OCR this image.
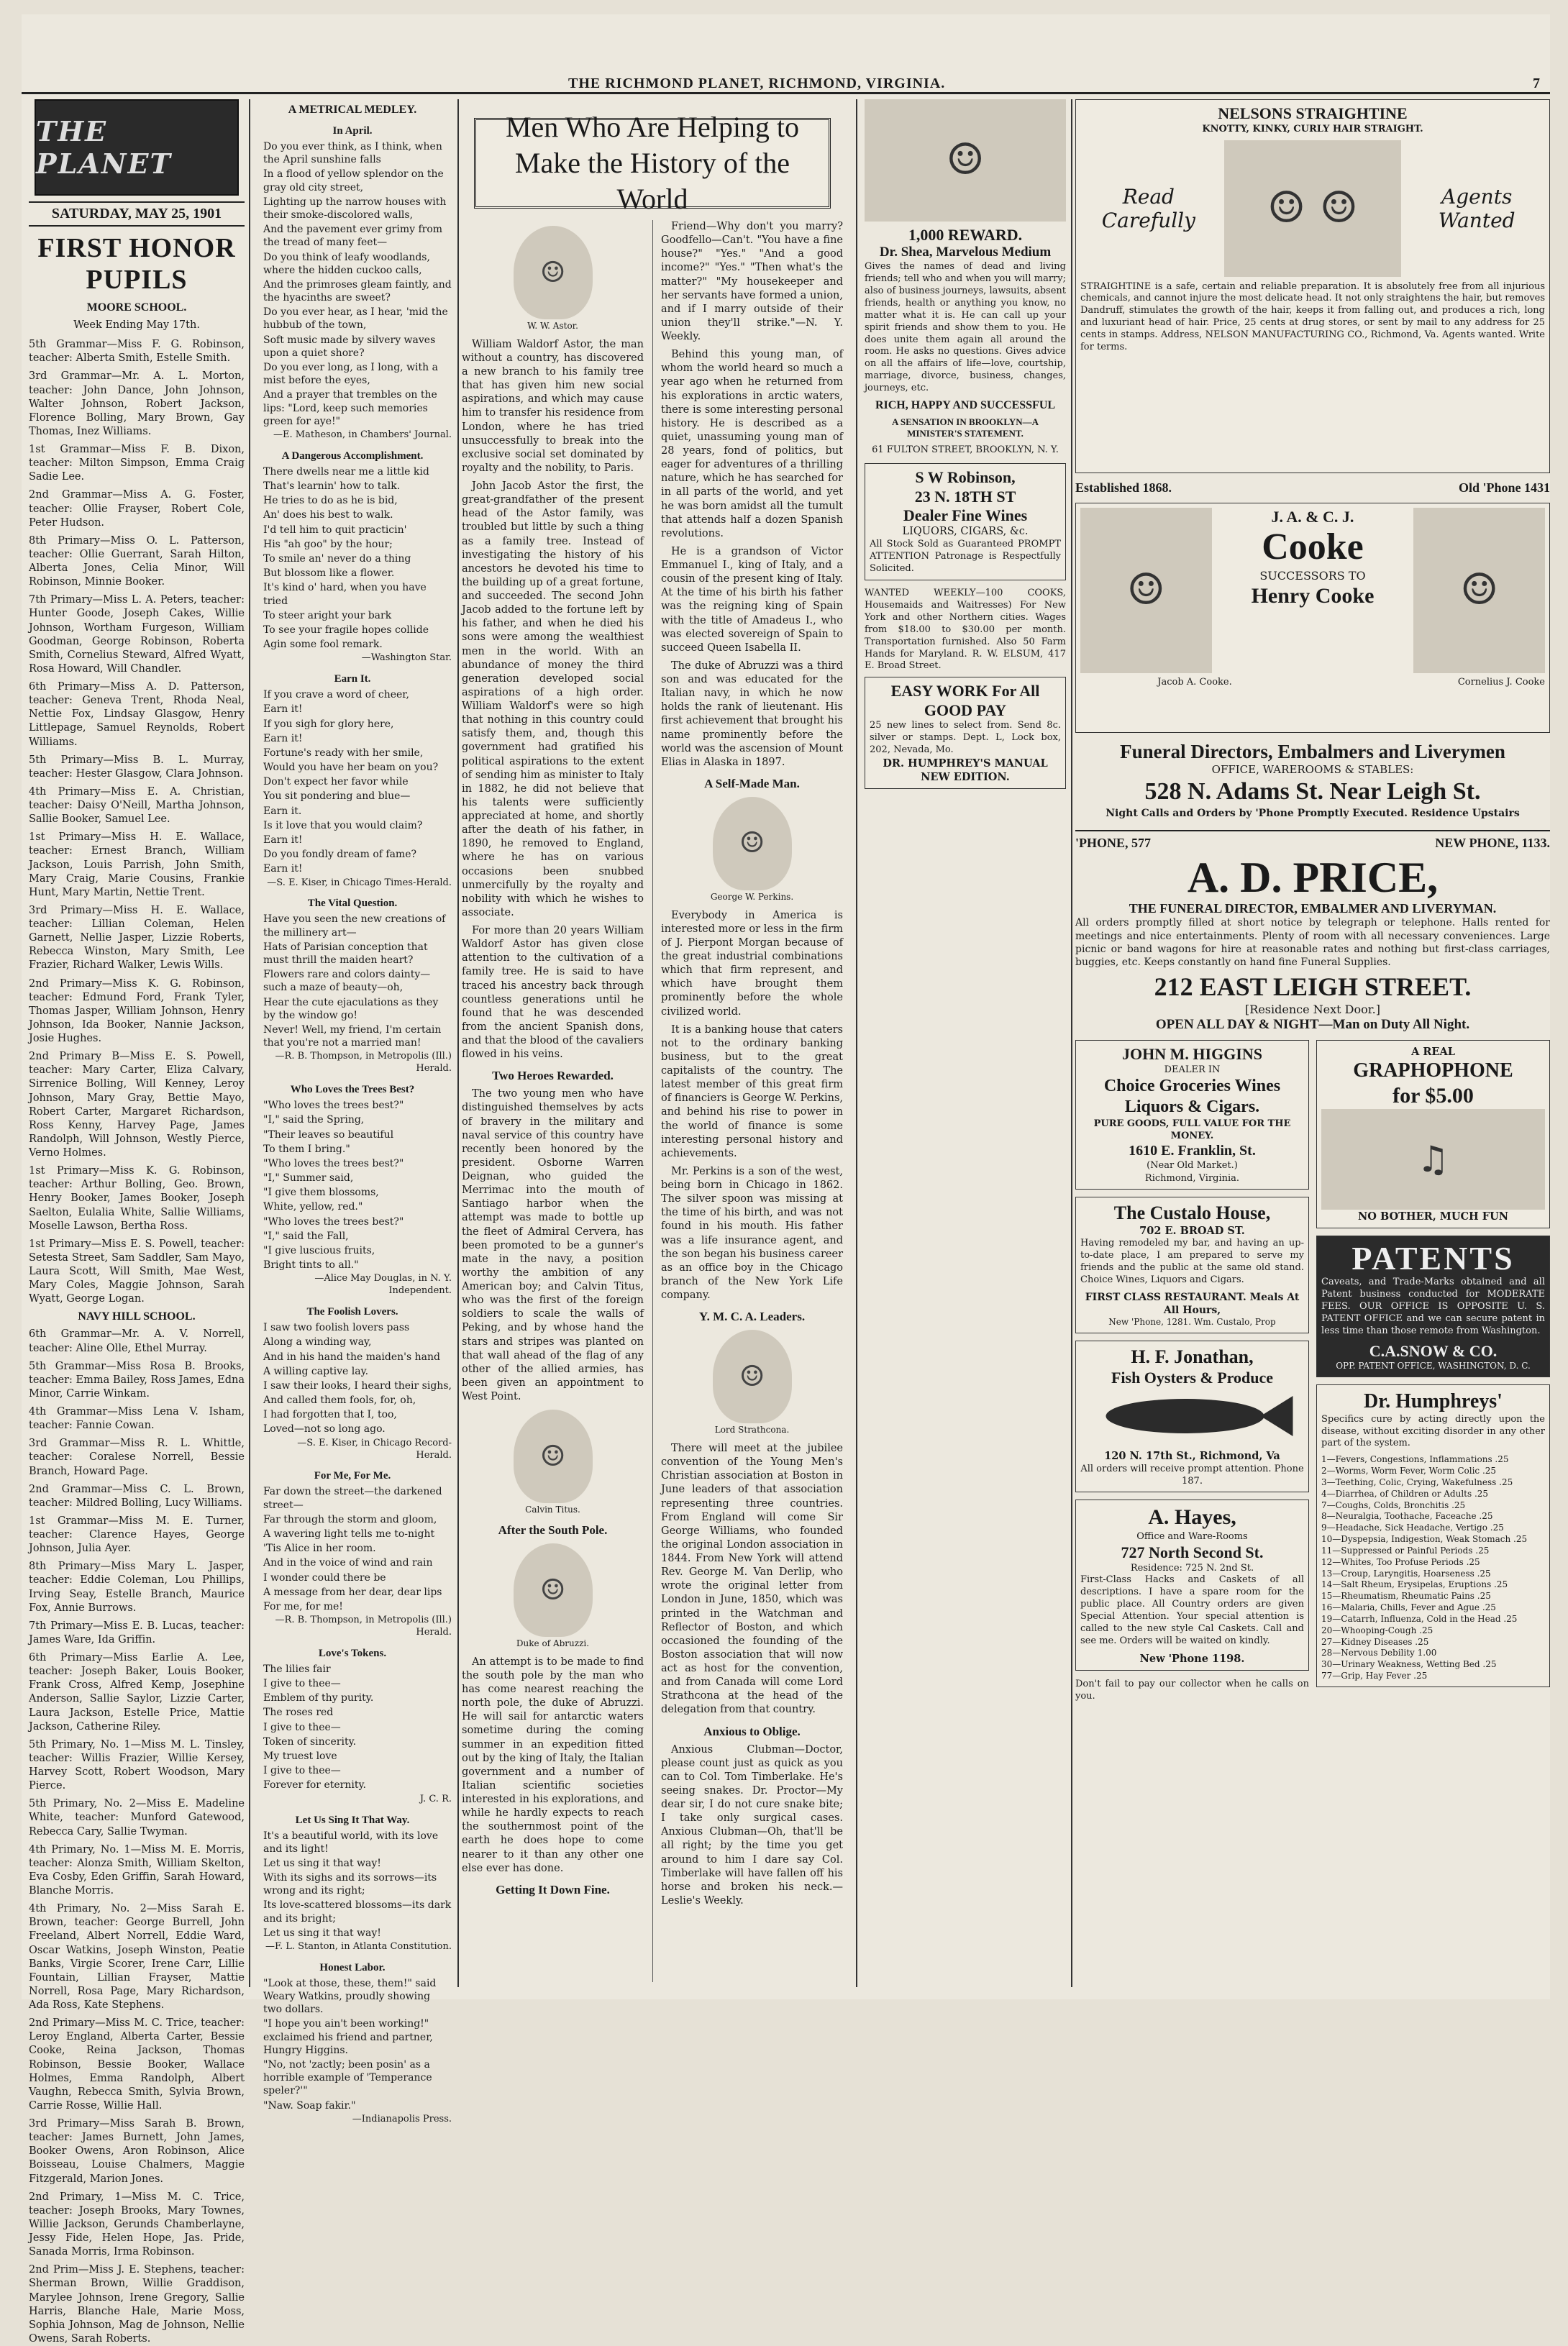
THE RICHMOND PLANET, RICHMOND, VIRGINIA.	7
THE PLANET
SATURDAY, MAY 25, 1901
FIRST HONOR PUPILS
MOORE SCHOOL.
Week Ending May 17th.

5th Grammar—Miss F. G. Robinson, teacher: Alberta Smith, Estelle Smith.

3rd Grammar—Mr. A. L. Morton, teacher: John Dance, John Johnson, Walter Johnson, Robert Jackson, Florence Bolling, Mary Brown, Gay Thomas, Inez Williams.

1st Grammar—Miss F. B. Dixon, teacher: Milton Simpson, Emma Craig Sadie Lee.

2nd Grammar—Miss A. G. Foster, teacher: Ollie Frayser, Robert Cole, Peter Hudson.

8th Primary—Miss O. L. Patterson, teacher: Ollie Guerrant, Sarah Hilton, Alberta Jones, Celia Minor, Will Robinson, Minnie Booker.

7th Primary—Miss L. A. Peters, teacher: Hunter Goode, Joseph Cakes, Willie Johnson, Wortham Furgeson, William Goodman, George Robinson, Roberta Smith, Cornelius Steward, Alfred Wyatt, Rosa Howard, Will Chandler.

6th Primary—Miss A. D. Patterson, teacher: Geneva Trent, Rhoda Neal, Nettie Fox, Lindsay Glasgow, Henry Littlepage, Samuel Reynolds, Robert Williams.

5th Primary—Miss B. L. Murray, teacher: Hester Glasgow, Clara Johnson.

4th Primary—Miss E. A. Christian, teacher: Daisy O'Neill, Martha Johnson, Sallie Booker, Samuel Lee.

1st Primary—Miss H. E. Wallace, teacher: Ernest Branch, William Jackson, Louis Parrish, John Smith, Mary Craig, Marie Cousins, Frankie Hunt, Mary Martin, Nettie Trent.

3rd Primary—Miss H. E. Wallace, teacher: Lillian Coleman, Helen Garnett, Nellie Jasper, Lizzie Roberts, Rebecca Winston, Mary Smith, Lee Frazier, Richard Walker, Lewis Wills.

2nd Primary—Miss K. G. Robinson, teacher: Edmund Ford, Frank Tyler, Thomas Jasper, William Johnson, Henry Johnson, Ida Booker, Nannie Jackson, Josie Hughes.

2nd Primary B—Miss E. S. Powell, teacher: Mary Carter, Eliza Calvary, Sirrenice Bolling, Will Kenney, Leroy Johnson, Mary Gray, Bettie Mayo, Robert Carter, Margaret Richardson, Ross Kenny, Harvey Page, James Randolph, Will Johnson, Westly Pierce, Verno Holmes.

1st Primary—Miss K. G. Robinson, teacher: Arthur Bolling, Geo. Brown, Henry Booker, James Booker, Joseph Saelton, Eulalia White, Sallie Williams, Moselle Lawson, Bertha Ross.

1st Primary—Miss E. S. Powell, teacher: Setesta Street, Sam Saddler, Sam Mayo, Laura Scott, Will Smith, Mae West, Mary Coles, Maggie Johnson, Sarah Wyatt, George Logan.

NAVY HILL SCHOOL.

6th Grammar—Mr. A. V. Norrell, teacher: Aline Olle, Ethel Murray.

5th Grammar—Miss Rosa B. Brooks, teacher: Emma Bailey, Ross James, Edna Minor, Carrie Winkam.

4th Grammar—Miss Lena V. Isham, teacher: Fannie Cowan.

3rd Grammar—Miss R. L. Whittle, teacher: Coralese Norrell, Bessie Branch, Howard Page.

2nd Grammar—Miss C. L. Brown, teacher: Mildred Bolling, Lucy Williams.

1st Grammar—Miss M. E. Turner, teacher: Clarence Hayes, George Johnson, Julia Ayer.

8th Primary—Miss Mary L. Jasper, teacher: Eddie Coleman, Lou Phillips, Irving Seay, Estelle Branch, Maurice Fox, Annie Burrows.

7th Primary—Miss E. B. Lucas, teacher: James Ware, Ida Griffin.

6th Primary—Miss Earlie A. Lee, teacher: Joseph Baker, Louis Booker, Frank Cross, Alfred Kemp, Josephine Anderson, Sallie Saylor, Lizzie Carter, Laura Jackson, Estelle Price, Mattie Jackson, Catherine Riley.

5th Primary, No. 1—Miss M. L. Tinsley, teacher: Willis Frazier, Willie Kersey, Harvey Scott, Robert Woodson, Mary Pierce.

5th Primary, No. 2—Miss E. Madeline White, teacher: Munford Gatewood, Rebecca Cary, Sallie Twyman.

4th Primary, No. 1—Miss M. E. Morris, teacher: Alonza Smith, William Skelton, Eva Cosby, Eden Griffin, Sarah Howard, Blanche Morris.

4th Primary, No. 2—Miss Sarah E. Brown, teacher: George Burrell, John Freeland, Albert Norrell, Eddie Ward, Oscar Watkins, Joseph Winston, Peatie Banks, Virgie Scorer, Irene Carr, Lillie Fountain, Lillian Frayser, Mattie Norrell, Rosa Page, Mary Richardson, Ada Ross, Kate Stephens.

2nd Primary—Miss M. C. Trice, teacher: Leroy England, Alberta Carter, Bessie Cooke, Reina Jackson, Thomas Robinson, Bessie Booker, Wallace Holmes, Emma Randolph, Albert Vaughn, Rebecca Smith, Sylvia Brown, Carrie Rosse, Willie Hall.

3rd Primary—Miss Sarah B. Brown, teacher: James Burnett, John James, Booker Owens, Aron Robinson, Alice Boisseau, Louise Chalmers, Maggie Fitzgerald, Marion Jones.

2nd Primary, 1—Miss M. C. Trice, teacher: Joseph Brooks, Mary Townes, Willie Jackson, Gerunds Chamberlayne, Jessy Fide, Helen Hope, Jas. Pride, Sanada Morris, Irma Robinson.

2nd Prim—Miss J. E. Stephens, teacher: Sherman Brown, Willie Graddison, Marylee Johnson, Irene Gregory, Sallie Harris, Blanche Hale, Marie Moss, Sophia Johnson, Mag de Johnson, Nellie Owens, Sarah Roberts.

A METRICAL MEDLEY.
In April.

Do you ever think, as I think, when the April sunshine falls

In a flood of yellow splendor on the gray old city street,

Lighting up the narrow houses with their smoke-discolored walls,

And the pavement ever grimy from the tread of many feet—

Do you think of leafy woodlands, where the hidden cuckoo calls,

And the primroses gleam faintly, and the hyacinths are sweet?

Do you ever hear, as I hear, 'mid the hubbub of the town,

Soft music made by silvery waves upon a quiet shore?

Do you ever long, as I long, with a mist before the eyes,

And a prayer that trembles on the lips: "Lord, keep such memories green for aye!"

—E. Matheson, in Chambers' Journal.

A Dangerous Accomplishment.

There dwells near me a little kid

That's learnin' how to talk.

He tries to do as he is bid,

An' does his best to walk.

I'd tell him to quit practicin'

His "ah goo" by the hour;

To smile an' never do a thing

But blossom like a flower.

It's kind o' hard, when you have tried

To steer aright your bark

To see your fragile hopes collide

Agin some fool remark.

—Washington Star.

Earn It.

If you crave a word of cheer,

Earn it!

If you sigh for glory here,

Earn it!

Fortune's ready with her smile,

Would you have her beam on you?

Don't expect her favor while

You sit pondering and blue—

Earn it.

Is it love that you would claim?

Earn it!

Do you fondly dream of fame?

Earn it!

—S. E. Kiser, in Chicago Times-Herald.

The Vital Question.

Have you seen the new creations of the millinery art—

Hats of Parisian conception that must thrill the maiden heart?

Flowers rare and colors dainty—such a maze of beauty—oh,

Hear the cute ejaculations as they by the window go!

Never! Well, my friend, I'm certain that you're not a married man!

—R. B. Thompson, in Metropolis (Ill.) Herald.

Who Loves the Trees Best?

"Who loves the trees best?"

"I," said the Spring,

"Their leaves so beautiful

To them I bring."

"Who loves the trees best?"

"I," Summer said,

"I give them blossoms,

White, yellow, red."

"Who loves the trees best?"

"I," said the Fall,

"I give luscious fruits,

Bright tints to all."

—Alice May Douglas, in N. Y. Independent.

The Foolish Lovers.

I saw two foolish lovers pass

Along a winding way,

And in his hand the maiden's hand

A willing captive lay.

I saw their looks, I heard their sighs,

And called them fools, for, oh,

I had forgotten that I, too,

Loved—not so long ago.

—S. E. Kiser, in Chicago Record-Herald.

For Me, For Me.

Far down the street—the darkened street—

Far through the storm and gloom,

A wavering light tells me to-night

'Tis Alice in her room.

And in the voice of wind and rain

I wonder could there be

A message from her dear, dear lips

For me, for me!

—R. B. Thompson, in Metropolis (Ill.) Herald.

Love's Tokens.

The lilies fair

I give to thee—

Emblem of thy purity.

The roses red

I give to thee—

Token of sincerity.

My truest love

I give to thee—

Forever for eternity.

J. C. R.

Let Us Sing It That Way.

It's a beautiful world, with its love and its light!

Let us sing it that way!

With its sighs and its sorrows—its wrong and its right;

Its love-scattered blossoms—its dark and its bright;

Let us sing it that way!

—F. L. Stanton, in Atlanta Constitution.

Honest Labor.

"Look at those, these, them!" said Weary Watkins, proudly showing two dollars.

"I hope you ain't been working!" exclaimed his friend and partner, Hungry Higgins.

"No, not 'zactly; been posin' as a horrible example of 'Temperance speler?'"

"Naw. Soap fakir."

—Indianapolis Press.

Men Who Are Helping to Make the History of the World
☺
W. W. Astor.

William Waldorf Astor, the man without a country, has discovered a new branch to his family tree that has given him new social aspirations, and which may cause him to transfer his residence from London, where he has tried unsuccessfully to break into the exclusive social set dominated by royalty and the nobility, to Paris.

John Jacob Astor the first, the great-grandfather of the present head of the Astor family, was troubled but little by such a thing as a family tree. Instead of investigating the history of his ancestors he devoted his time to the building up of a great fortune, and succeeded. The second John Jacob added to the fortune left by his father, and when he died his sons were among the wealthiest men in the world. With an abundance of money the third generation developed social aspirations of a high order. William Waldorf's were so high that nothing in this country could satisfy them, and, though this government had gratified his political aspirations to the extent of sending him as minister to Italy in 1882, he did not believe that his talents were sufficiently appreciated at home, and shortly after the death of his father, in 1890, he removed to England, where he has on various occasions been snubbed unmercifully by the royalty and nobility with which he wishes to associate.

For more than 20 years William Waldorf Astor has given close attention to the cultivation of a family tree. He is said to have traced his ancestry back through countless generations until he found that he was descended from the ancient Spanish dons, and that the blood of the cavaliers flowed in his veins.

Two Heroes Rewarded.

The two young men who have distinguished themselves by acts of bravery in the military and naval service of this country have recently been honored by the president. Osborne Warren Deignan, who guided the Merrimac into the mouth of Santiago harbor when the attempt was made to bottle up the fleet of Admiral Cervera, has been promoted to be a gunner's mate in the navy, a position worthy the ambition of any American boy; and Calvin Titus, who was the first of the foreign soldiers to scale the walls of Peking, and by whose hand the stars and stripes was planted on that wall ahead of the flag of any other of the allied armies, has been given an appointment to West Point.

☺
Calvin Titus.
After the South Pole.
☺
Duke of Abruzzi.

An attempt is to be made to find the south pole by the man who has come nearest reaching the north pole, the duke of Abruzzi. He will sail for antarctic waters sometime during the coming summer in an expedition fitted out by the king of Italy, the Italian government and a number of Italian scientific societies interested in his explorations, and while he hardly expects to reach the southernmost point of the earth he does hope to come nearer to it than any other one else ever has done.

Getting It Down Fine.

Friend—Why don't you marry? Goodfello—Can't. "You have a fine house?" "Yes." "And a good income?" "Yes." "Then what's the matter?" "My housekeeper and her servants have formed a union, and if I marry outside of their union they'll strike."—N. Y. Weekly.

Behind this young man, of whom the world heard so much a year ago when he returned from his explorations in arctic waters, there is some interesting personal history. He is described as a quiet, unassuming young man of 28 years, fond of politics, but eager for adventures of a thrilling nature, which he has searched for in all parts of the world, and yet he was born amidst all the tumult that attends half a dozen Spanish revolutions.

He is a grandson of Victor Emmanuel I., king of Italy, and a cousin of the present king of Italy. At the time of his birth his father was the reigning king of Spain with the title of Amadeus I., who was elected sovereign of Spain to succeed Queen Isabella II.

The duke of Abruzzi was a third son and was educated for the Italian navy, in which he now holds the rank of lieutenant. His first achievement that brought his name prominently before the world was the ascension of Mount Elias in Alaska in 1897.

A Self-Made Man.
☺
George W. Perkins.

Everybody in America is interested more or less in the firm of J. Pierpont Morgan because of the great industrial combinations which that firm represent, and which have brought them prominently before the whole civilized world.

It is a banking house that caters not to the ordinary banking business, but to the great capitalists of the country. The latest member of this great firm of financiers is George W. Perkins, and behind his rise to power in the world of finance is some interesting personal history and achievements.

Mr. Perkins is a son of the west, being born in Chicago in 1862. The silver spoon was missing at the time of his birth, and was not found in his mouth. His father was a life insurance agent, and the son began his business career as an office boy in the Chicago branch of the New York Life company.

Y. M. C. A. Leaders.
☺
Lord Strathcona.

There will meet at the jubilee convention of the Young Men's Christian association at Boston in June leaders of that association representing three countries. From England will come Sir George Williams, who founded the original London association in 1844. From New York will attend Rev. George M. Van Derlip, who wrote the original letter from London in June, 1850, which was printed in the Watchman and Reflector of Boston, and which occasioned the founding of the Boston association that will now act as host for the convention, and from Canada will come Lord Strathcona at the head of the delegation from that country.

Anxious to Oblige.

Anxious Clubman—Doctor, please count just as quick as you can to Col. Tom Timberlake. He's seeing snakes. Dr. Proctor—My dear sir, I do not cure snake bite; I take only surgical cases. Anxious Clubman—Oh, that'll be all right; by the time you get around to him I dare say Col. Timberlake will have fallen off his horse and broken his neck.—Leslie's Weekly.

☺
1,000 REWARD.
Dr. Shea, Marvelous Medium

Gives the names of dead and living friends; tell who and when you will marry; also of business journeys, lawsuits, absent friends, health or anything you know, no matter what it is. He can call up your spirit friends and show them to you. He does unite them again all around the room. He asks no questions. Gives advice on all the affairs of life—love, courtship, marriage, divorce, business, changes, journeys, etc.

RICH, HAPPY AND SUCCESSFUL
A SENSATION IN BROOKLYN—A MINISTER'S STATEMENT.
61 FULTON STREET, BROOKLYN, N. Y.
S W Robinson,
23 N. 18TH ST
Dealer Fine Wines
LIQUORS, CIGARS, &c.
All Stock Sold as Guaranteed PROMPT ATTENTION Patronage is Respectfully Solicited.

WANTED WEEKLY—100 COOKS, Housemaids and Waitresses) For New York and other Northern cities. Wages from $18.00 to $30.00 per month. Transportation furnished. Also 50 Farm Hands for Maryland. R. W. ELSUM, 417 E. Broad Street.

EASY WORK For All GOOD PAY
25 new lines to select from. Send 8c. silver or stamps. Dept. L, Lock box, 202, Nevada, Mo.
DR. HUMPHREY'S MANUAL NEW EDITION.
NELSONS STRAIGHTINE
KNOTTY, KINKY, CURLY HAIR STRAIGHT.
Read Carefully	☺ ☺	Agents Wanted

STRAIGHTINE is a safe, certain and reliable preparation. It is absolutely free from all injurious chemicals, and cannot injure the most delicate head. It not only straightens the hair, but removes Dandruff, stimulates the growth of the hair, keeps it from falling out, and produces a rich, long and luxuriant head of hair. Price, 25 cents at drug stores, or sent by mail to any address for 25 cents in stamps. Address, NELSON MANUFACTURING CO., Richmond, Va. Agents wanted. Write for terms.

Established 1868.	Old 'Phone 1431
☺
J. A. & C. J.
Cooke
SUCCESSORS TO
Henry Cooke	☺
Jacob A. Cooke.	Cornelius J. Cooke
Funeral Directors, Embalmers and Liverymen
OFFICE, WAREROOMS & STABLES:
528 N. Adams St. Near Leigh St.
Night Calls and Orders by 'Phone Promptly Executed. Residence Upstairs
'PHONE, 577	NEW PHONE, 1133.
A. D. PRICE,
THE FUNERAL DIRECTOR, EMBALMER AND LIVERYMAN.

All orders promptly filled at short notice by telegraph or telephone. Halls rented for meetings and nice entertainments. Plenty of room with all necessary conveniences. Large picnic or band wagons for hire at reasonable rates and nothing but first-class carriages, buggies, etc. Keeps constantly on hand fine Funeral Supplies.

212 EAST LEIGH STREET.
[Residence Next Door.]
OPEN ALL DAY & NIGHT—Man on Duty All Night.
JOHN M. HIGGINS
DEALER IN
Choice Groceries Wines Liquors & Cigars.
PURE GOODS, FULL VALUE FOR THE MONEY.
1610 E. Franklin, St.
(Near Old Market.)
Richmond, Virginia.
The Custalo House,
702 E. BROAD ST.

Having remodeled my bar, and having an up-to-date place, I am prepared to serve my friends and the public at the same old stand. Choice Wines, Liquors and Cigars.

FIRST CLASS RESTAURANT. Meals At All Hours,
New 'Phone, 1281. Wm. Custalo, Prop
H. F. Jonathan,
Fish Oysters & Produce
120 N. 17th St., Richmond, Va
All orders will receive prompt attention. Phone 187.
A. Hayes,
Office and Ware-Rooms
727 North Second St.
Residence: 725 N. 2nd St.

First-Class Hacks and Caskets of all descriptions. I have a spare room for the public place. All Country orders are given Special Attention. Your special attention is called to the new style Cal Caskets. Call and see me. Orders will be waited on kindly.

New 'Phone 1198.
Don't fail to pay our collector when he calls on you.
A REAL
GRAPHOPHONE
for $5.00
♫
NO BOTHER, MUCH FUN
PATENTS

Caveats, and Trade-Marks obtained and all Patent business conducted for MODERATE FEES. OUR OFFICE IS OPPOSITE U. S. PATENT OFFICE and we can secure patent in less time than those remote from Washington.

C.A.SNOW & CO.
OPP. PATENT OFFICE, WASHINGTON, D. C.
Dr. Humphreys'

Specifics cure by acting directly upon the disease, without exciting disorder in any other part of the system.

1—Fevers, Congestions, Inflammations .25
2—Worms, Worm Fever, Worm Colic .25
3—Teething, Colic, Crying, Wakefulness .25
4—Diarrhea, of Children or Adults .25
7—Coughs, Colds, Bronchitis .25
8—Neuralgia, Toothache, Faceache .25
9—Headache, Sick Headache, Vertigo .25
10—Dyspepsia, Indigestion, Weak Stomach .25
11—Suppressed or Painful Periods .25
12—Whites, Too Profuse Periods .25
13—Croup, Laryngitis, Hoarseness .25
14—Salt Rheum, Erysipelas, Eruptions .25
15—Rheumatism, Rheumatic Pains .25
16—Malaria, Chills, Fever and Ague .25
19—Catarrh, Influenza, Cold in the Head .25
20—Whooping-Cough .25
27—Kidney Diseases .25
28—Nervous Debility 1.00
30—Urinary Weakness, Wetting Bed .25
77—Grip, Hay Fever .25
